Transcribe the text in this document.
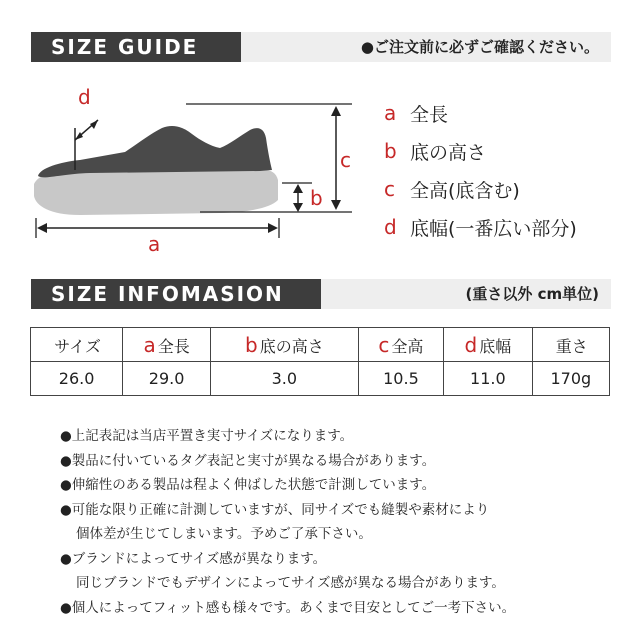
SIZE GUIDE	●ご注文前に必ずご確認ください。
d
c
b
a
a 全長
b 底の高さ
c 全高(底含む)
d 底幅(一番広い部分)
SIZE INFOMASION	(重さ以外 cm単位)
サイズ	a 全長	b 底の高さ	c 全高	d 底幅	重さ
26.0	29.0	3.0	10.5	11.0	170g
●上記表記は当店平置き実寸サイズになります。
●製品に付いているタグ表記と実寸が異なる場合があります。
●伸縮性のある製品は程よく伸ばした状態で計測しています。
●可能な限り正確に計測していますが、同サイズでも縫製や素材により
個体差が生じてしまいます。予めご了承下さい。
●ブランドによってサイズ感が異なります。
同じブランドでもデザインによってサイズ感が異なる場合があります。
●個人によってフィット感も様々です。あくまで目安としてご一考下さい。
